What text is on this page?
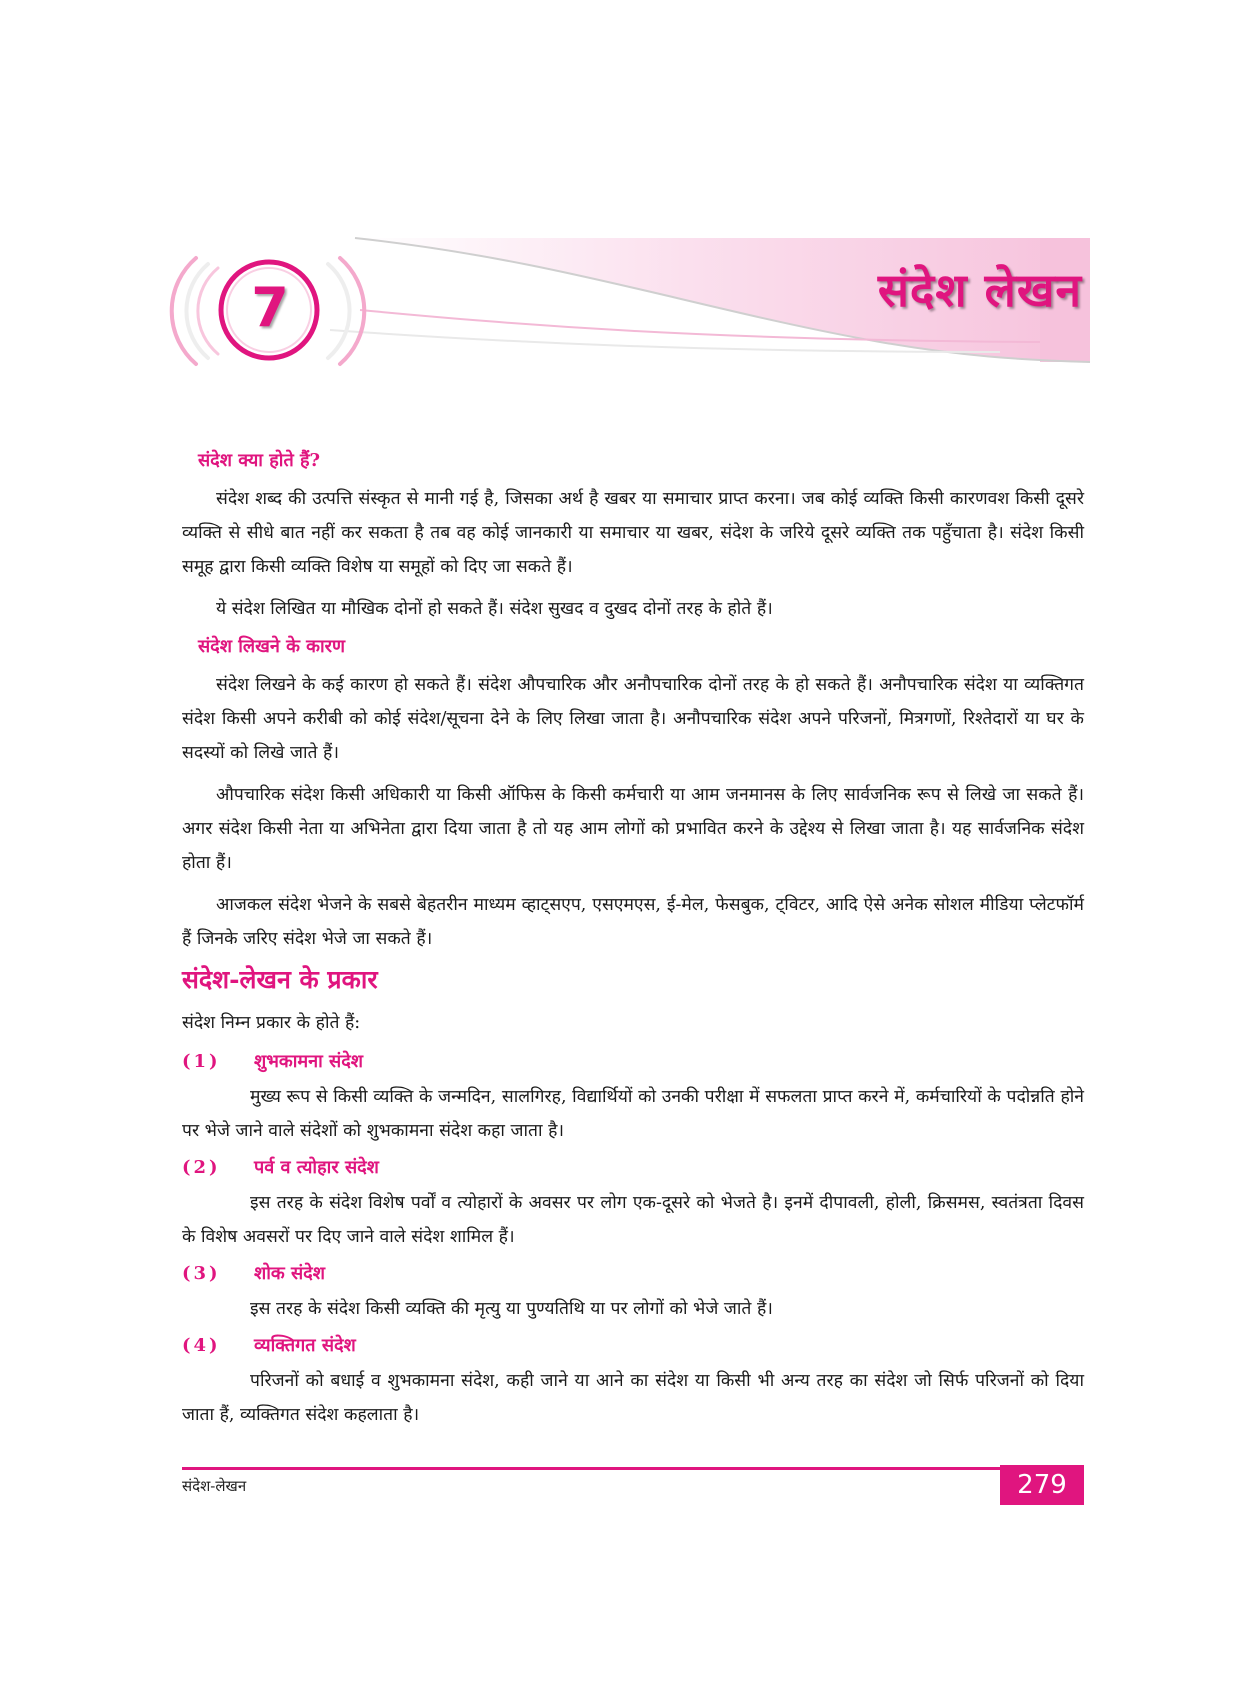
7	संदेश लेखन
संदेश क्या होते हैं?

संदेश शब्द की उत्पत्ति संस्कृत से मानी गई है, जिसका अर्थ है खबर या समाचार प्राप्त करना। जब कोई व्यक्ति किसी कारणवश किसी दूसरे व्यक्ति से सीधे बात नहीं कर सकता है तब वह कोई जानकारी या समाचार या खबर, संदेश के जरिये दूसरे व्यक्ति तक पहुँचाता है। संदेश किसी समूह द्वारा किसी व्यक्ति विशेष या समूहों को दिए जा सकते हैं।

ये संदेश लिखित या मौखिक दोनों हो सकते हैं। संदेश सुखद व दुखद दोनों तरह के होते हैं।

संदेश लिखने के कारण

संदेश लिखने के कई कारण हो सकते हैं। संदेश औपचारिक और अनौपचारिक दोनों तरह के हो सकते हैं। अनौपचारिक संदेश या व्यक्तिगत संदेश किसी अपने करीबी को कोई संदेश/सूचना देने के लिए लिखा जाता है। अनौपचारिक संदेश अपने परिजनों, मित्रगणों, रिश्तेदारों या घर के सदस्यों को लिखे जाते हैं।

औपचारिक संदेश किसी अधिकारी या किसी ऑफिस के किसी कर्मचारी या आम जनमानस के लिए सार्वजनिक रूप से लिखे जा सकते हैं। अगर संदेश किसी नेता या अभिनेता द्वारा दिया जाता है तो यह आम लोगों को प्रभावित करने के उद्देश्य से लिखा जाता है। यह सार्वजनिक संदेश होता हैं।

आजकल संदेश भेजने के सबसे बेहतरीन माध्यम व्हाट्सएप, एसएमएस, ई-मेल, फेसबुक, ट्विटर, आदि ऐसे अनेक सोशल मीडिया प्लेटफॉर्म हैं जिनके जरिए संदेश भेजे जा सकते हैं।

संदेश-लेखन के प्रकार

संदेश निम्न प्रकार के होते हैं:

(1)	शुभकामना संदेश

मुख्य रूप से किसी व्यक्ति के जन्मदिन, सालगिरह, विद्यार्थियों को उनकी परीक्षा में सफलता प्राप्त करने में, कर्मचारियों के पदोन्नति होने पर भेजे जाने वाले संदेशों को शुभकामना संदेश कहा जाता है।

(2)	पर्व व त्योहार संदेश

इस तरह के संदेश विशेष पर्वों व त्योहारों के अवसर पर लोग एक-दूसरे को भेजते है। इनमें दीपावली, होली, क्रिसमस, स्वतंत्रता दिवस के विशेष अवसरों पर दिए जाने वाले संदेश शामिल हैं।

(3)	शोक संदेश

इस तरह के संदेश किसी व्यक्ति की मृत्यु या पुण्यतिथि या पर लोगों को भेजे जाते हैं।

(4)	व्यक्तिगत संदेश

परिजनों को बधाई व शुभकामना संदेश, कही जाने या आने का संदेश या किसी भी अन्य तरह का संदेश जो सिर्फ परिजनों को दिया जाता हैं, व्यक्तिगत संदेश कहलाता है।

संदेश-लेखन	279
